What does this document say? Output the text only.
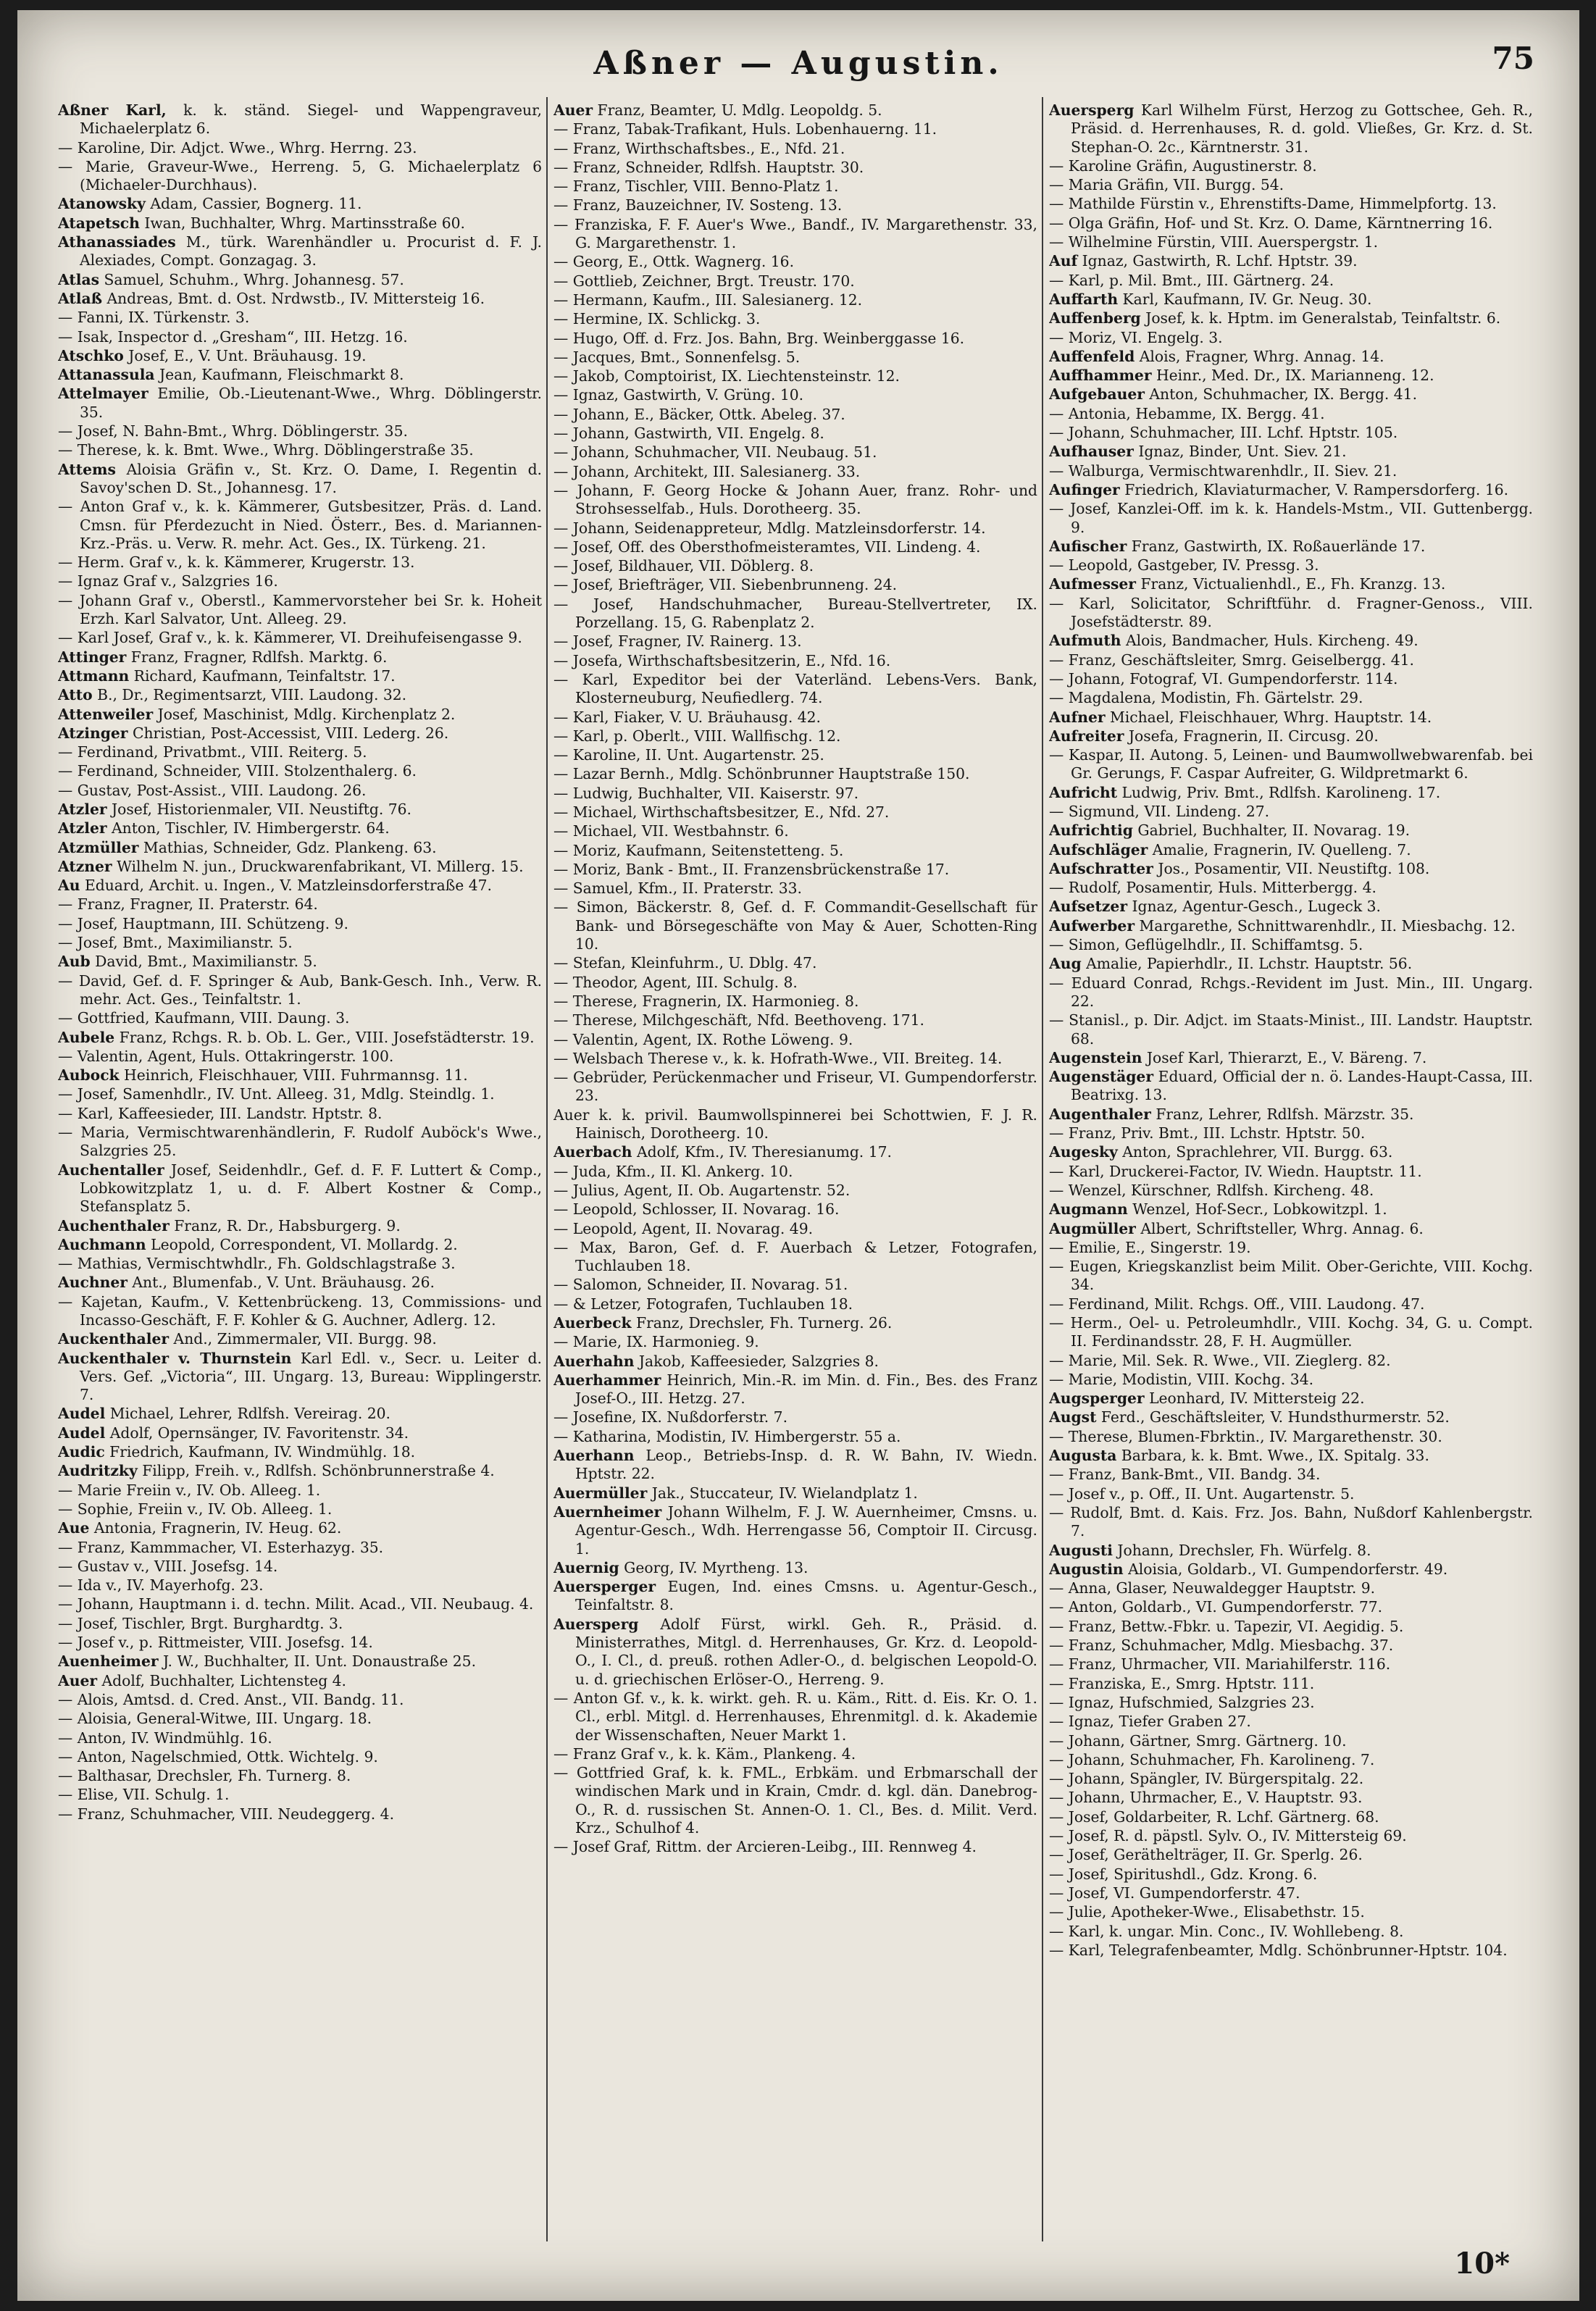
Aßner — Augustin.	75
Aßner Karl, k. k. ständ. Siegel- und Wappengraveur, Michaelerplatz 6.
— Karoline, Dir. Adjct. Wwe., Whrg. Herrng. 23.
— Marie, Graveur-Wwe., Herreng. 5, G. Michaelerplatz 6 (Michaeler-Durchhaus).
Atanowsky Adam, Cassier, Bognerg. 11.
Atapetsch Iwan, Buchhalter, Whrg. Martinsstraße 60.
Athanassiades M., türk. Warenhändler u. Procurist d. F. J. Alexiades, Compt. Gonzagag. 3.
Atlas Samuel, Schuhm., Whrg. Johannesg. 57.
Atlaß Andreas, Bmt. d. Ost. Nrdwstb., IV. Mittersteig 16.
— Fanni, IX. Türkenstr. 3.
— Isak, Inspector d. „Gresham“, III. Hetzg. 16.
Atschko Josef, E., V. Unt. Bräuhausg. 19.
Attanassula Jean, Kaufmann, Fleischmarkt 8.
Attelmayer Emilie, Ob.-Lieutenant-Wwe., Whrg. Döblingerstr. 35.
— Josef, N. Bahn-Bmt., Whrg. Döblingerstr. 35.
— Therese, k. k. Bmt. Wwe., Whrg. Döblingerstraße 35.
Attems Aloisia Gräfin v., St. Krz. O. Dame, I. Regentin d. Savoy'schen D. St., Johannesg. 17.
— Anton Graf v., k. k. Kämmerer, Gutsbesitzer, Präs. d. Land. Cmsn. für Pferdezucht in Nied. Österr., Bes. d. Mariannen-Krz.-Präs. u. Verw. R. mehr. Act. Ges., IX. Türkeng. 21.
— Herm. Graf v., k. k. Kämmerer, Krugerstr. 13.
— Ignaz Graf v., Salzgries 16.
— Johann Graf v., Oberstl., Kammervorsteher bei Sr. k. Hoheit Erzh. Karl Salvator, Unt. Alleeg. 29.
— Karl Josef, Graf v., k. k. Kämmerer, VI. Dreihufeisengasse 9.
Attinger Franz, Fragner, Rdlfsh. Marktg. 6.
Attmann Richard, Kaufmann, Teinfaltstr. 17.
Atto B., Dr., Regimentsarzt, VIII. Laudong. 32.
Attenweiler Josef, Maschinist, Mdlg. Kirchenplatz 2.
Atzinger Christian, Post-Accessist, VIII. Lederg. 26.
— Ferdinand, Privatbmt., VIII. Reiterg. 5.
— Ferdinand, Schneider, VIII. Stolzenthalerg. 6.
— Gustav, Post-Assist., VIII. Laudong. 26.
Atzler Josef, Historienmaler, VII. Neustiftg. 76.
Atzler Anton, Tischler, IV. Himbergerstr. 64.
Atzmüller Mathias, Schneider, Gdz. Plankeng. 63.
Atzner Wilhelm N. jun., Druckwarenfabrikant, VI. Millerg. 15.
Au Eduard, Archit. u. Ingen., V. Matzleinsdorferstraße 47.
— Franz, Fragner, II. Praterstr. 64.
— Josef, Hauptmann, III. Schützeng. 9.
— Josef, Bmt., Maximilianstr. 5.
Aub David, Bmt., Maximilianstr. 5.
— David, Gef. d. F. Springer & Aub, Bank-Gesch. Inh., Verw. R. mehr. Act. Ges., Teinfaltstr. 1.
— Gottfried, Kaufmann, VIII. Daung. 3.
Aubele Franz, Rchgs. R. b. Ob. L. Ger., VIII. Josefstädterstr. 19.
— Valentin, Agent, Huls. Ottakringerstr. 100.
Aubock Heinrich, Fleischhauer, VIII. Fuhrmannsg. 11.
— Josef, Samenhdlr., IV. Unt. Alleeg. 31, Mdlg. Steindlg. 1.
— Karl, Kaffeesieder, III. Landstr. Hptstr. 8.
— Maria, Vermischtwarenhändlerin, F. Rudolf Auböck's Wwe., Salzgries 25.
Auchentaller Josef, Seidenhdlr., Gef. d. F. F. Luttert & Comp., Lobkowitzplatz 1, u. d. F. Albert Kostner & Comp., Stefansplatz 5.
Auchenthaler Franz, R. Dr., Habsburgerg. 9.
Auchmann Leopold, Correspondent, VI. Mollardg. 2.
— Mathias, Vermischtwhdlr., Fh. Goldschlagstraße 3.
Auchner Ant., Blumenfab., V. Unt. Bräuhausg. 26.
— Kajetan, Kaufm., V. Kettenbrückeng. 13, Commissions- und Incasso-Geschäft, F. F. Kohler & G. Auchner, Adlerg. 12.
Auckenthaler And., Zimmermaler, VII. Burgg. 98.
Auckenthaler v. Thurnstein Karl Edl. v., Secr. u. Leiter d. Vers. Gef. „Victoria“, III. Ungarg. 13, Bureau: Wipplingerstr. 7.
Audel Michael, Lehrer, Rdlfsh. Vereirag. 20.
Audel Adolf, Opernsänger, IV. Favoritenstr. 34.
Audic Friedrich, Kaufmann, IV. Windmühlg. 18.
Audritzky Filipp, Freih. v., Rdlfsh. Schönbrunnerstraße 4.
— Marie Freiin v., IV. Ob. Alleeg. 1.
— Sophie, Freiin v., IV. Ob. Alleeg. 1.
Aue Antonia, Fragnerin, IV. Heug. 62.
— Franz, Kammmacher, VI. Esterhazyg. 35.
— Gustav v., VIII. Josefsg. 14.
— Ida v., IV. Mayerhofg. 23.
— Johann, Hauptmann i. d. techn. Milit. Acad., VII. Neubaug. 4.
— Josef, Tischler, Brgt. Burghardtg. 3.
— Josef v., p. Rittmeister, VIII. Josefsg. 14.
Auenheimer J. W., Buchhalter, II. Unt. Donaustraße 25.
Auer Adolf, Buchhalter, Lichtensteg 4.
— Alois, Amtsd. d. Cred. Anst., VII. Bandg. 11.
— Aloisia, General-Witwe, III. Ungarg. 18.
— Anton, IV. Windmühlg. 16.
— Anton, Nagelschmied, Ottk. Wichtelg. 9.
— Balthasar, Drechsler, Fh. Turnerg. 8.
— Elise, VII. Schulg. 1.
— Franz, Schuhmacher, VIII. Neudeggerg. 4.
Auer Franz, Beamter, U. Mdlg. Leopoldg. 5.
— Franz, Tabak-Trafikant, Huls. Lobenhauerng. 11.
— Franz, Wirthschaftsbes., E., Nfd. 21.
— Franz, Schneider, Rdlfsh. Hauptstr. 30.
— Franz, Tischler, VIII. Benno-Platz 1.
— Franz, Bauzeichner, IV. Sosteng. 13.
— Franziska, F. F. Auer's Wwe., Bandf., IV. Margarethenstr. 33, G. Margarethenstr. 1.
— Georg, E., Ottk. Wagnerg. 16.
— Gottlieb, Zeichner, Brgt. Treustr. 170.
— Hermann, Kaufm., III. Salesianerg. 12.
— Hermine, IX. Schlickg. 3.
— Hugo, Off. d. Frz. Jos. Bahn, Brg. Weinberggasse 16.
— Jacques, Bmt., Sonnenfelsg. 5.
— Jakob, Comptoirist, IX. Liechtensteinstr. 12.
— Ignaz, Gastwirth, V. Grüng. 10.
— Johann, E., Bäcker, Ottk. Abeleg. 37.
— Johann, Gastwirth, VII. Engelg. 8.
— Johann, Schuhmacher, VII. Neubaug. 51.
— Johann, Architekt, III. Salesianerg. 33.
— Johann, F. Georg Hocke & Johann Auer, franz. Rohr- und Strohsesselfab., Huls. Dorotheerg. 35.
— Johann, Seidenappreteur, Mdlg. Matzleinsdorferstr. 14.
— Josef, Off. des Obersthofmeisteramtes, VII. Lindeng. 4.
— Josef, Bildhauer, VII. Döblerg. 8.
— Josef, Briefträger, VII. Siebenbrunneng. 24.
— Josef, Handschuhmacher, Bureau-Stellvertreter, IX. Porzellang. 15, G. Rabenplatz 2.
— Josef, Fragner, IV. Rainerg. 13.
— Josefa, Wirthschaftsbesitzerin, E., Nfd. 16.
— Karl, Expeditor bei der Vaterländ. Lebens-Vers. Bank, Klosterneuburg, Neufiedlerg. 74.
— Karl, Fiaker, V. U. Bräuhausg. 42.
— Karl, p. Oberlt., VIII. Wallfischg. 12.
— Karoline, II. Unt. Augartenstr. 25.
— Lazar Bernh., Mdlg. Schönbrunner Hauptstraße 150.
— Ludwig, Buchhalter, VII. Kaiserstr. 97.
— Michael, Wirthschaftsbesitzer, E., Nfd. 27.
— Michael, VII. Westbahnstr. 6.
— Moriz, Kaufmann, Seitenstetteng. 5.
— Moriz, Bank - Bmt., II. Franzensbrückenstraße 17.
— Samuel, Kfm., II. Praterstr. 33.
— Simon, Bäckerstr. 8, Gef. d. F. Commandit-Gesellschaft für Bank- und Börsegeschäfte von May & Auer, Schotten-Ring 10.
— Stefan, Kleinfuhrm., U. Dblg. 47.
— Theodor, Agent, III. Schulg. 8.
— Therese, Fragnerin, IX. Harmonieg. 8.
— Therese, Milchgeschäft, Nfd. Beethoveng. 171.
— Valentin, Agent, IX. Rothe Löweng. 9.
— Welsbach Therese v., k. k. Hofrath-Wwe., VII. Breiteg. 14.
— Gebrüder, Perückenmacher und Friseur, VI. Gumpendorferstr. 23.
Auer k. k. privil. Baumwollspinnerei bei Schottwien, F. J. R. Hainisch, Dorotheerg. 10.
Auerbach Adolf, Kfm., IV. Theresianumg. 17.
— Juda, Kfm., II. Kl. Ankerg. 10.
— Julius, Agent, II. Ob. Augartenstr. 52.
— Leopold, Schlosser, II. Novarag. 16.
— Leopold, Agent, II. Novarag. 49.
— Max, Baron, Gef. d. F. Auerbach & Letzer, Fotografen, Tuchlauben 18.
— Salomon, Schneider, II. Novarag. 51.
— & Letzer, Fotografen, Tuchlauben 18.
Auerbeck Franz, Drechsler, Fh. Turnerg. 26.
— Marie, IX. Harmonieg. 9.
Auerhahn Jakob, Kaffeesieder, Salzgries 8.
Auerhammer Heinrich, Min.-R. im Min. d. Fin., Bes. des Franz Josef-O., III. Hetzg. 27.
— Josefine, IX. Nußdorferstr. 7.
— Katharina, Modistin, IV. Himbergerstr. 55 a.
Auerhann Leop., Betriebs-Insp. d. R. W. Bahn, IV. Wiedn. Hptstr. 22.
Auermüller Jak., Stuccateur, IV. Wielandplatz 1.
Auernheimer Johann Wilhelm, F. J. W. Auernheimer, Cmsns. u. Agentur-Gesch., Wdh. Herrengasse 56, Comptoir II. Circusg. 1.
Auernig Georg, IV. Myrtheng. 13.
Auersperger Eugen, Ind. eines Cmsns. u. Agentur-Gesch., Teinfaltstr. 8.
Auersperg Adolf Fürst, wirkl. Geh. R., Präsid. d. Ministerrathes, Mitgl. d. Herrenhauses, Gr. Krz. d. Leopold-O., I. Cl., d. preuß. rothen Adler-O., d. belgischen Leopold-O. u. d. griechischen Erlöser-O., Herreng. 9.
— Anton Gf. v., k. k. wirkt. geh. R. u. Käm., Ritt. d. Eis. Kr. O. 1. Cl., erbl. Mitgl. d. Herrenhauses, Ehrenmitgl. d. k. Akademie der Wissenschaften, Neuer Markt 1.
— Franz Graf v., k. k. Käm., Plankeng. 4.
— Gottfried Graf, k. k. FML., Erbkäm. und Erbmarschall der windischen Mark und in Krain, Cmdr. d. kgl. dän. Danebrog-O., R. d. russischen St. Annen-O. 1. Cl., Bes. d. Milit. Verd. Krz., Schulhof 4.
— Josef Graf, Rittm. der Arcieren-Leibg., III. Rennweg 4.
Auersperg Karl Wilhelm Fürst, Herzog zu Gottschee, Geh. R., Präsid. d. Herrenhauses, R. d. gold. Vließes, Gr. Krz. d. St. Stephan-O. 2c., Kärntnerstr. 31.
— Karoline Gräfin, Augustinerstr. 8.
— Maria Gräfin, VII. Burgg. 54.
— Mathilde Fürstin v., Ehrenstifts-Dame, Himmelpfortg. 13.
— Olga Gräfin, Hof- und St. Krz. O. Dame, Kärntnerring 16.
— Wilhelmine Fürstin, VIII. Auerspergstr. 1.
Auf Ignaz, Gastwirth, R. Lchf. Hptstr. 39.
— Karl, p. Mil. Bmt., III. Gärtnerg. 24.
Auffarth Karl, Kaufmann, IV. Gr. Neug. 30.
Auffenberg Josef, k. k. Hptm. im Generalstab, Teinfaltstr. 6.
— Moriz, VI. Engelg. 3.
Auffenfeld Alois, Fragner, Whrg. Annag. 14.
Auffhammer Heinr., Med. Dr., IX. Marianneng. 12.
Aufgebauer Anton, Schuhmacher, IX. Bergg. 41.
— Antonia, Hebamme, IX. Bergg. 41.
— Johann, Schuhmacher, III. Lchf. Hptstr. 105.
Aufhauser Ignaz, Binder, Unt. Siev. 21.
— Walburga, Vermischtwarenhdlr., II. Siev. 21.
Aufinger Friedrich, Klaviaturmacher, V. Rampersdorferg. 16.
— Josef, Kanzlei-Off. im k. k. Handels-Mstm., VII. Guttenbergg. 9.
Aufischer Franz, Gastwirth, IX. Roßauerlände 17.
— Leopold, Gastgeber, IV. Pressg. 3.
Aufmesser Franz, Victualienhdl., E., Fh. Kranzg. 13.
— Karl, Solicitator, Schriftführ. d. Fragner-Genoss., VIII. Josefstädterstr. 89.
Aufmuth Alois, Bandmacher, Huls. Kircheng. 49.
— Franz, Geschäftsleiter, Smrg. Geiselbergg. 41.
— Johann, Fotograf, VI. Gumpendorferstr. 114.
— Magdalena, Modistin, Fh. Gärtelstr. 29.
Aufner Michael, Fleischhauer, Whrg. Hauptstr. 14.
Aufreiter Josefa, Fragnerin, II. Circusg. 20.
— Kaspar, II. Autong. 5, Leinen- und Baumwollwebwarenfab. bei Gr. Gerungs, F. Caspar Aufreiter, G. Wildpretmarkt 6.
Aufricht Ludwig, Priv. Bmt., Rdlfsh. Karolineng. 17.
— Sigmund, VII. Lindeng. 27.
Aufrichtig Gabriel, Buchhalter, II. Novarag. 19.
Aufschläger Amalie, Fragnerin, IV. Quelleng. 7.
Aufschratter Jos., Posamentir, VII. Neustiftg. 108.
— Rudolf, Posamentir, Huls. Mitterbergg. 4.
Aufsetzer Ignaz, Agentur-Gesch., Lugeck 3.
Aufwerber Margarethe, Schnittwarenhdlr., II. Miesbachg. 12.
— Simon, Geflügelhdlr., II. Schiffamtsg. 5.
Aug Amalie, Papierhdlr., II. Lchstr. Hauptstr. 56.
— Eduard Conrad, Rchgs.-Revident im Just. Min., III. Ungarg. 22.
— Stanisl., p. Dir. Adjct. im Staats-Minist., III. Landstr. Hauptstr. 68.
Augenstein Josef Karl, Thierarzt, E., V. Bäreng. 7.
Augenstäger Eduard, Official der n. ö. Landes-Haupt-Cassa, III. Beatrixg. 13.
Augenthaler Franz, Lehrer, Rdlfsh. Märzstr. 35.
— Franz, Priv. Bmt., III. Lchstr. Hptstr. 50.
Augesky Anton, Sprachlehrer, VII. Burgg. 63.
— Karl, Druckerei-Factor, IV. Wiedn. Hauptstr. 11.
— Wenzel, Kürschner, Rdlfsh. Kircheng. 48.
Augmann Wenzel, Hof-Secr., Lobkowitzpl. 1.
Augmüller Albert, Schriftsteller, Whrg. Annag. 6.
— Emilie, E., Singerstr. 19.
— Eugen, Kriegskanzlist beim Milit. Ober-Gerichte, VIII. Kochg. 34.
— Ferdinand, Milit. Rchgs. Off., VIII. Laudong. 47.
— Herm., Oel- u. Petroleumhdlr., VIII. Kochg. 34, G. u. Compt. II. Ferdinandsstr. 28, F. H. Augmüller.
— Marie, Mil. Sek. R. Wwe., VII. Zieglerg. 82.
— Marie, Modistin, VIII. Kochg. 34.
Augsperger Leonhard, IV. Mittersteig 22.
Augst Ferd., Geschäftsleiter, V. Hundsthurmerstr. 52.
— Therese, Blumen-Fbrktin., IV. Margarethenstr. 30.
Augusta Barbara, k. k. Bmt. Wwe., IX. Spitalg. 33.
— Franz, Bank-Bmt., VII. Bandg. 34.
— Josef v., p. Off., II. Unt. Augartenstr. 5.
— Rudolf, Bmt. d. Kais. Frz. Jos. Bahn, Nußdorf Kahlenbergstr. 7.
Augusti Johann, Drechsler, Fh. Würfelg. 8.
Augustin Aloisia, Goldarb., VI. Gumpendorferstr. 49.
— Anna, Glaser, Neuwaldegger Hauptstr. 9.
— Anton, Goldarb., VI. Gumpendorferstr. 77.
— Franz, Bettw.-Fbkr. u. Tapezir, VI. Aegidig. 5.
— Franz, Schuhmacher, Mdlg. Miesbachg. 37.
— Franz, Uhrmacher, VII. Mariahilferstr. 116.
— Franziska, E., Smrg. Hptstr. 111.
— Ignaz, Hufschmied, Salzgries 23.
— Ignaz, Tiefer Graben 27.
— Johann, Gärtner, Smrg. Gärtnerg. 10.
— Johann, Schuhmacher, Fh. Karolineng. 7.
— Johann, Spängler, IV. Bürgerspitalg. 22.
— Johann, Uhrmacher, E., V. Hauptstr. 93.
— Josef, Goldarbeiter, R. Lchf. Gärtnerg. 68.
— Josef, R. d. päpstl. Sylv. O., IV. Mittersteig 69.
— Josef, Geräthelträger, II. Gr. Sperlg. 26.
— Josef, Spiritushdl., Gdz. Krong. 6.
— Josef, VI. Gumpendorferstr. 47.
— Julie, Apotheker-Wwe., Elisabethstr. 15.
— Karl, k. ungar. Min. Conc., IV. Wohllebeng. 8.
— Karl, Telegrafenbeamter, Mdlg. Schönbrunner-Hptstr. 104.
10*
